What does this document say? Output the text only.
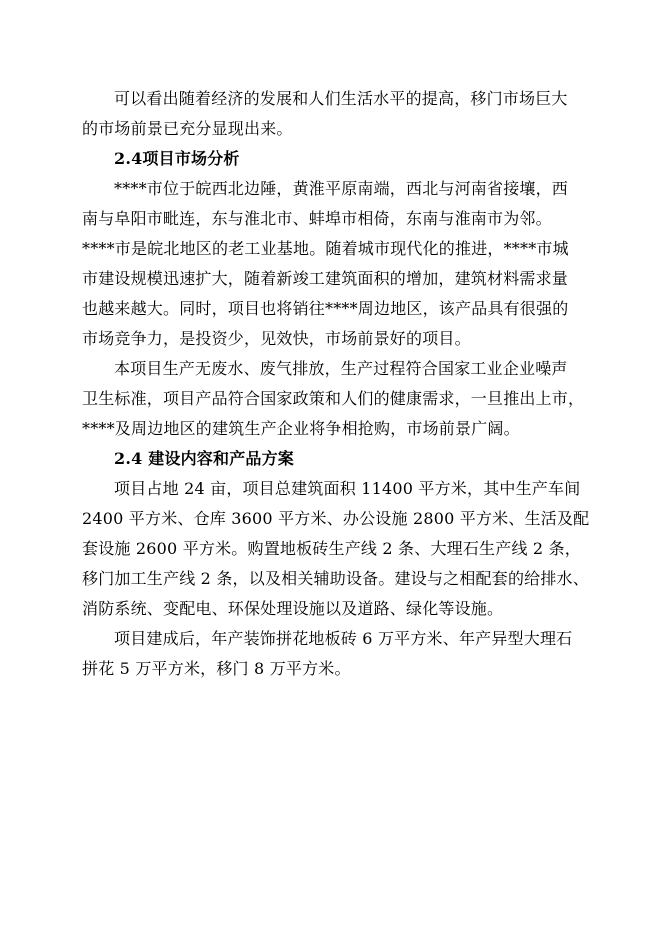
可以看出随着经济的发展和人们生活水平的提高，移门市场巨大
的市场前景已充分显现出来。
2.4项目市场分析
****市位于皖西北边陲，黄淮平原南端，西北与河南省接壤，西
南与阜阳市毗连，东与淮北市、蚌埠市相倚，东南与淮南市为邻。
****市是皖北地区的老工业基地。随着城市现代化的推进，****市城
市建设规模迅速扩大，随着新竣工建筑面积的增加，建筑材料需求量
也越来越大。同时，项目也将销往****周边地区，该产品具有很强的
市场竞争力，是投资少，见效快，市场前景好的项目。
本项目生产无废水、废气排放，生产过程符合国家工业企业噪声
卫生标准，项目产品符合国家政策和人们的健康需求，一旦推出上市，
****及周边地区的建筑生产企业将争相抢购，市场前景广阔。
2.4 建设内容和产品方案
项目占地 24 亩，项目总建筑面积 11400 平方米，其中生产车间
2400 平方米、仓库 3600 平方米、办公设施 2800 平方米、生活及配
套设施 2600 平方米。购置地板砖生产线 2 条、大理石生产线 2 条，
移门加工生产线 2 条，以及相关辅助设备。建设与之相配套的给排水、
消防系统、变配电、环保处理设施以及道路、绿化等设施。
项目建成后，年产装饰拼花地板砖 6 万平方米、年产异型大理石
拼花 5 万平方米，移门 8 万平方米。
